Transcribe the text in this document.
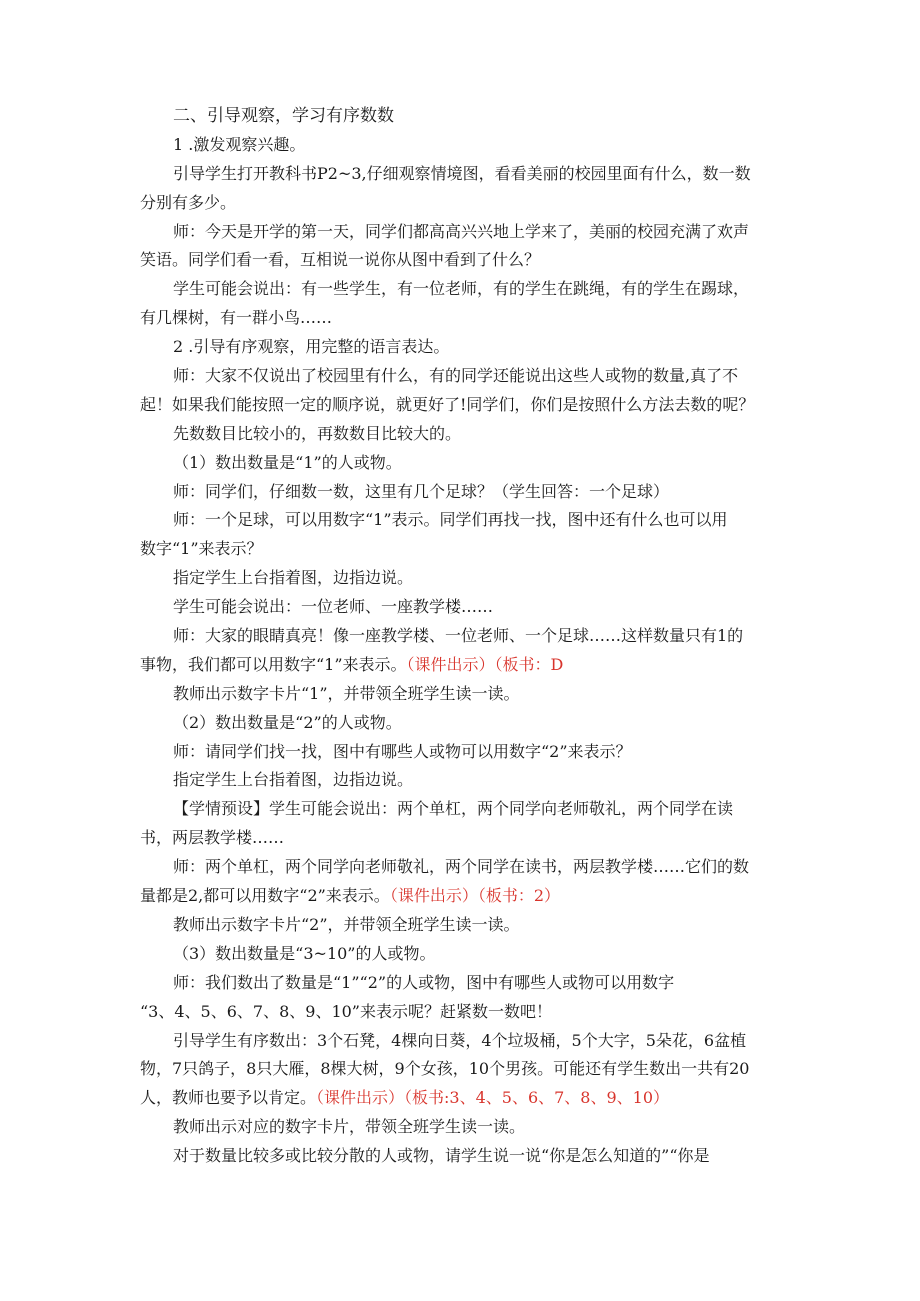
二、引导观察，学习有序数数
1 .激发观察兴趣。
引导学生打开教科书P2~3,仔细观察情境图，看看美丽的校园里面有什么，数一数
分别有多少。
师：今天是开学的第一天，同学们都高高兴兴地上学来了，美丽的校园充满了欢声
笑语。同学们看一看，互相说一说你从图中看到了什么？
学生可能会说出：有一些学生，有一位老师，有的学生在跳绳，有的学生在踢球，
有几棵树，有一群小鸟……
2 .引导有序观察，用完整的语言表达。
师：大家不仅说出了校园里有什么，有的同学还能说出这些人或物的数量,真了不
起！如果我们能按照一定的顺序说，就更好了!同学们，你们是按照什么方法去数的呢？
先数数目比较小的，再数数目比较大的。
（1）数出数量是“1”的人或物。
师：同学们，仔细数一数，这里有几个足球？（学生回答：一个足球）
师：一个足球，可以用数字“1”表示。同学们再找一找，图中还有什么也可以用
数字“1”来表示？
指定学生上台指着图，边指边说。
学生可能会说出：一位老师、一座教学楼……
师：大家的眼睛真亮！像一座教学楼、一位老师、一个足球……这样数量只有1的
事物，我们都可以用数字“1”来表示。（课件出示）（板书：D
教师出示数字卡片“1”，并带领全班学生读一读。
（2）数出数量是“2”的人或物。
师：请同学们找一找，图中有哪些人或物可以用数字“2”来表示？
指定学生上台指着图，边指边说。
【学情预设】学生可能会说出：两个单杠，两个同学向老师敬礼，两个同学在读
书，两层教学楼……
师：两个单杠，两个同学向老师敬礼，两个同学在读书，两层教学楼……它们的数
量都是2,都可以用数字“2”来表示。（课件出示）（板书：2）
教师出示数字卡片“2”，并带领全班学生读一读。
（3）数出数量是“3~10”的人或物。
师：我们数出了数量是“1”“2”的人或物，图中有哪些人或物可以用数字
“3、4、5、6、7、8、9、10”来表示呢？赶紧数一数吧！
引导学生有序数出：3个石凳，4棵向日葵，4个垃圾桶，5个大字，5朵花，6盆植
物，7只鸽子，8只大雁，8棵大树，9个女孩，10个男孩。可能还有学生数出一共有20
人，教师也要予以肯定。（课件出示）（板书:3、4、5、6、7、8、9、10）
教师出示对应的数字卡片，带领全班学生读一读。
对于数量比较多或比较分散的人或物，请学生说一说“你是怎么知道的”“你是
